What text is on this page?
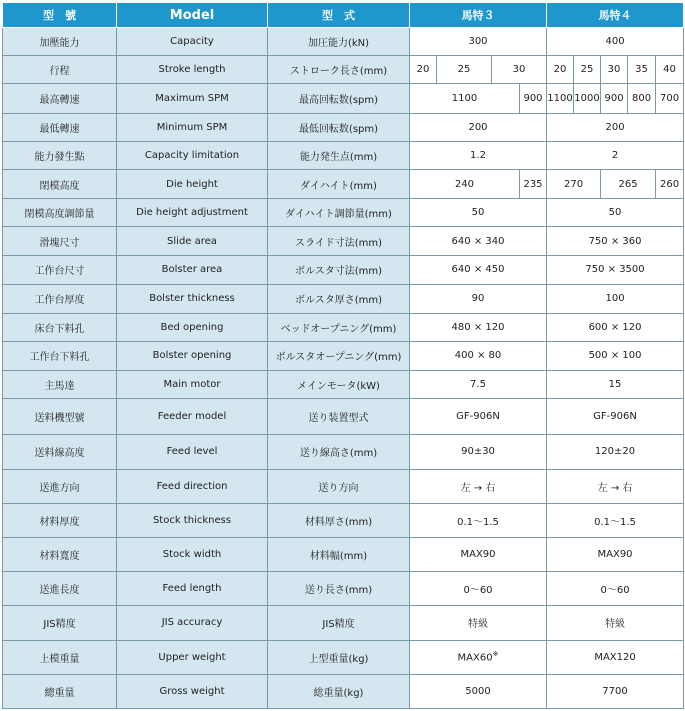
型　號	Model	型　式	馬特３				馬特４				
加壓能力	Capacity	加圧能力(kN)	300				400				
行程	Stroke length	ストローク長さ(mm)	20	25	30		20	25	30	35	40
最高轉速	Maximum SPM	最高回転数(spm)	1100			900	1100	1000	900	800	700
最低轉速	Minimum SPM	最低回転数(spm)	200				200				
能力發生點	Capacity limitation	能力発生点(mm)	1.2				2				
閉模高度	Die height	ダイハイト(mm)	240			235	270		265		260
閉模高度調節量	Die height adjustment	ダイハイト調節量(mm)	50				50				
滑塊尺寸	Slide area	スライド寸法(mm)	640 × 340				750 × 360				
工作台尺寸	Bolster area	ボルスタ寸法(mm)	640 × 450				750 × 3500				
工作台厚度	Bolster thickness	ボルスタ厚さ(mm)	90				100				
床台下料孔	Bed opening	ベッドオープニング(mm)	480 × 120				600 × 120				
工作台下料孔	Bolster opening	ボルスタオープニング(mm)	400 × 80				500 × 100				
主馬達	Main motor	メインモータ(kW)	7.5				15				
送料機型號	Feeder model	送り装置型式	GF-906N				GF-906N				
送料線高度	Feed level	送り線高さ(mm)	90±30				120±20				
送進方向	Feed direction	送り方向	左 → 右				左 → 右				
材料厚度	Stock thickness	材料厚さ(mm)	0.1～1.5				0.1～1.5				
材料寬度	Stock width	材料幅(mm)	MAX90				MAX90				
送進長度	Feed length	送り長さ(mm)	0～60				0～60				
JIS精度	JIS accuracy	JIS精度	特級				特級				
上模重量	Upper weight	上型重量(kg)	MAX60※				MAX120				
總重量	Gross weight	総重量(kg)	5000				7700				
